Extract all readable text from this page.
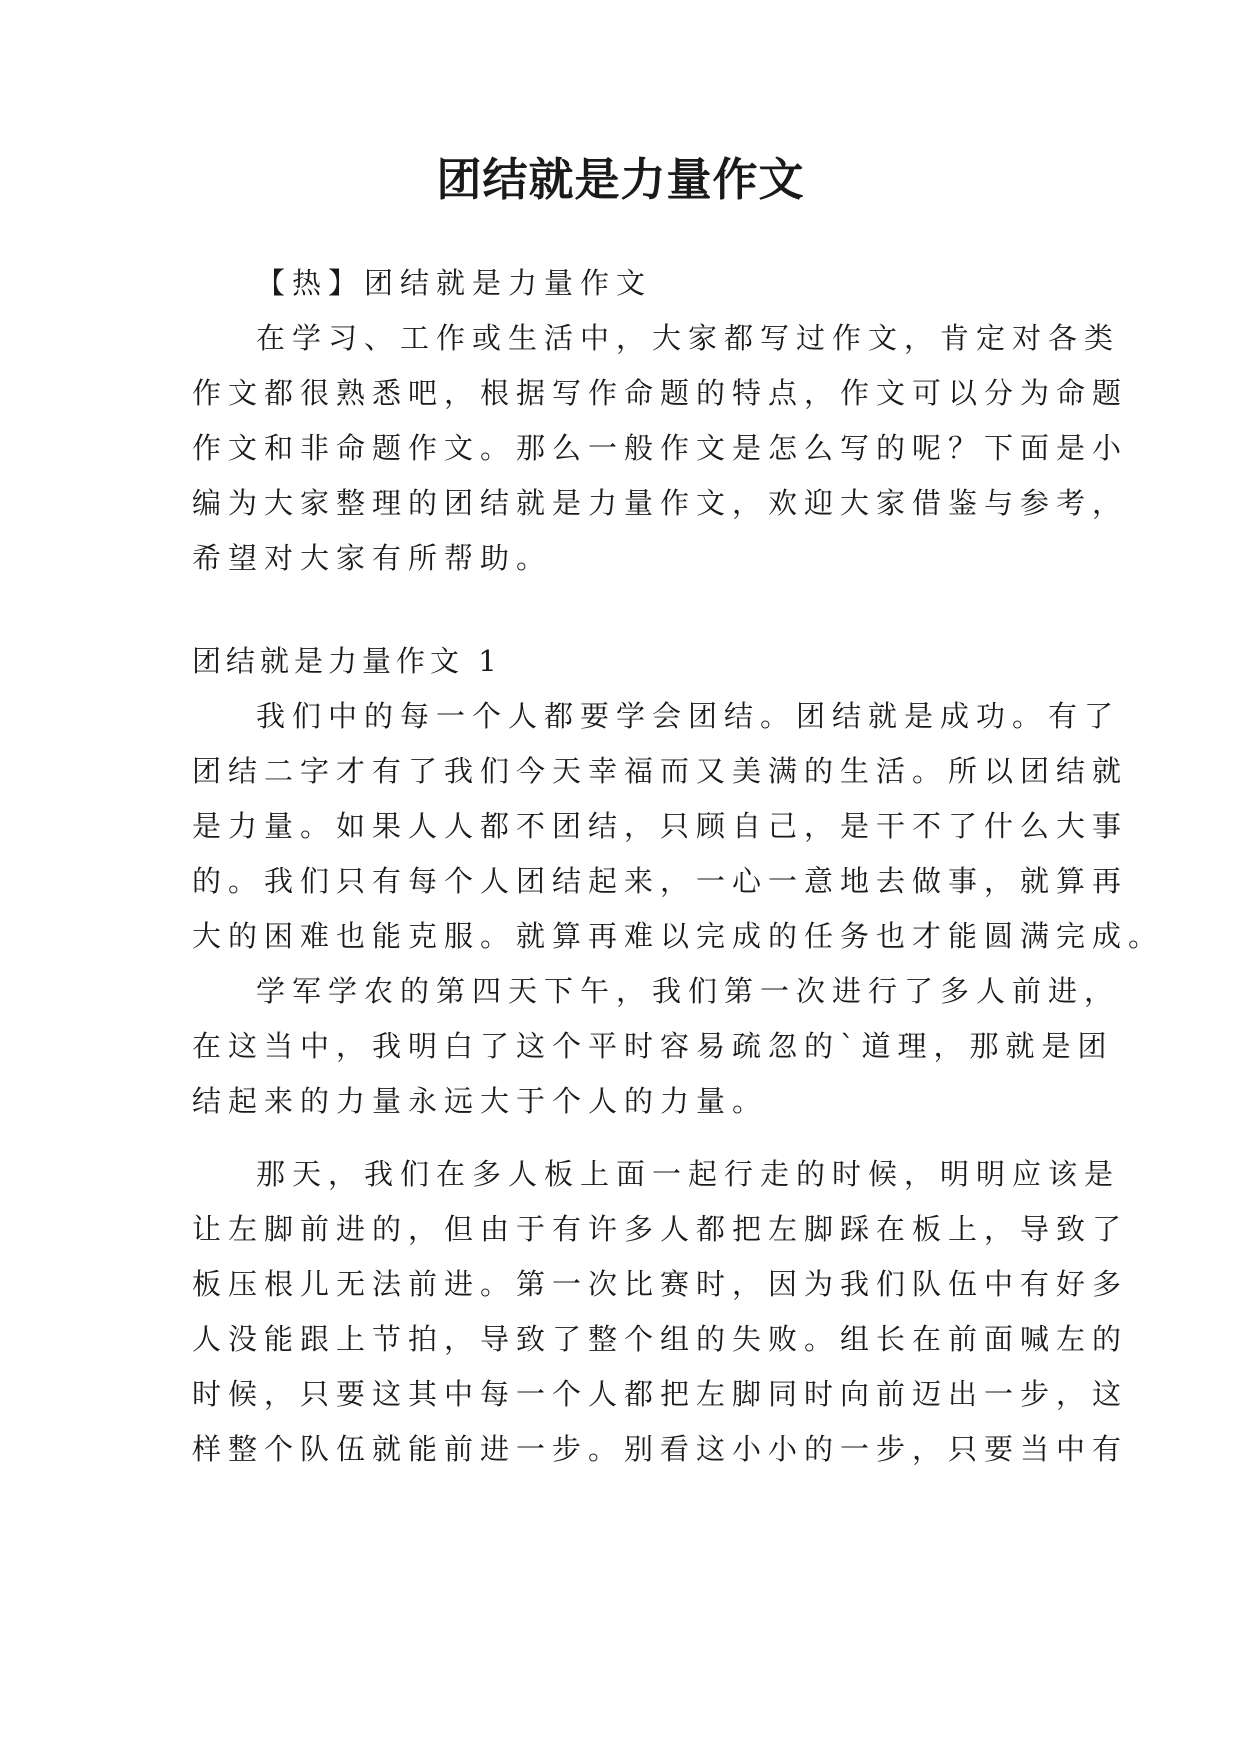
团结就是力量作文

【热】团结就是力量作文

在学习、工作或生活中，大家都写过作文，肯定对各类

作文都很熟悉吧，根据写作命题的特点，作文可以分为命题

作文和非命题作文。那么一般作文是怎么写的呢？下面是小

编为大家整理的团结就是力量作文，欢迎大家借鉴与参考，

希望对大家有所帮助。

团结就是力量作文 1

我们中的每一个人都要学会团结。团结就是成功。有了

团结二字才有了我们今天幸福而又美满的生活。所以团结就

是力量。如果人人都不团结，只顾自己，是干不了什么大事

的。我们只有每个人团结起来，一心一意地去做事，就算再

大的困难也能克服。就算再难以完成的任务也才能圆满完成。

学军学农的第四天下午，我们第一次进行了多人前进，

在这当中，我明白了这个平时容易疏忽的`道理，那就是团

结起来的力量永远大于个人的力量。

那天，我们在多人板上面一起行走的时候，明明应该是

让左脚前进的，但由于有许多人都把左脚踩在板上，导致了

板压根儿无法前进。第一次比赛时，因为我们队伍中有好多

人没能跟上节拍，导致了整个组的失败。组长在前面喊左的

时候，只要这其中每一个人都把左脚同时向前迈出一步，这

样整个队伍就能前进一步。别看这小小的一步，只要当中有
